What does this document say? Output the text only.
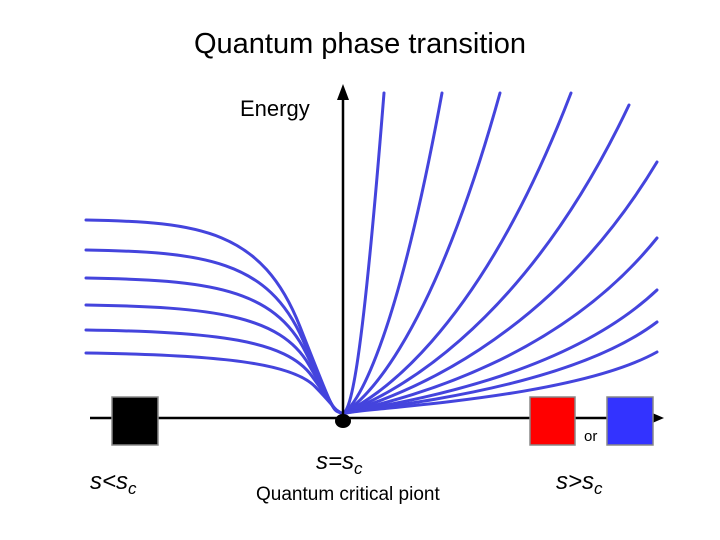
Quantum phase transition
Energy
or
$s<s_c$
$s=s_c$	$s>s_c$
Quantum critical piont
